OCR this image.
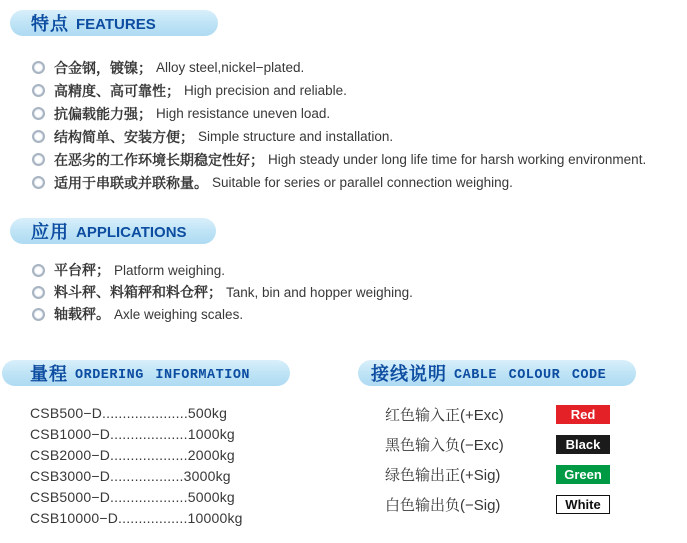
特点 FEATURES
合金钢，镀镍； Alloy steel,nickel−plated.
高精度、高可靠性； High precision and reliable.
抗偏载能力强； High resistance uneven load.
结构简单、安装方便； Simple structure and installation.
在恶劣的工作环境长期稳定性好； High steady under long life time for harsh working environment.
适用于串联或并联称量。 Suitable for series or parallel connection weighing.
应用 APPLICATIONS
平台秤； Platform weighing.
料斗秤、料箱秤和料仓秤； Tank, bin and hopper weighing.
轴载秤。 Axle weighing scales.
量程 ORDERING INFORMATION
CSB500−D ..................... 500kg
CSB1000−D ................... 1000kg
CSB2000−D ................... 2000kg
CSB3000−D .................. 3000kg
CSB5000−D ................... 5000kg
CSB10000−D ................. 10000kg
接线说明 CABLE COLOUR CODE
红色输入正(+Exc)	Red
黑色输入负(−Exc)	Black
绿色输出正(+Sig)	Green
白色输出负(−Sig)	White
